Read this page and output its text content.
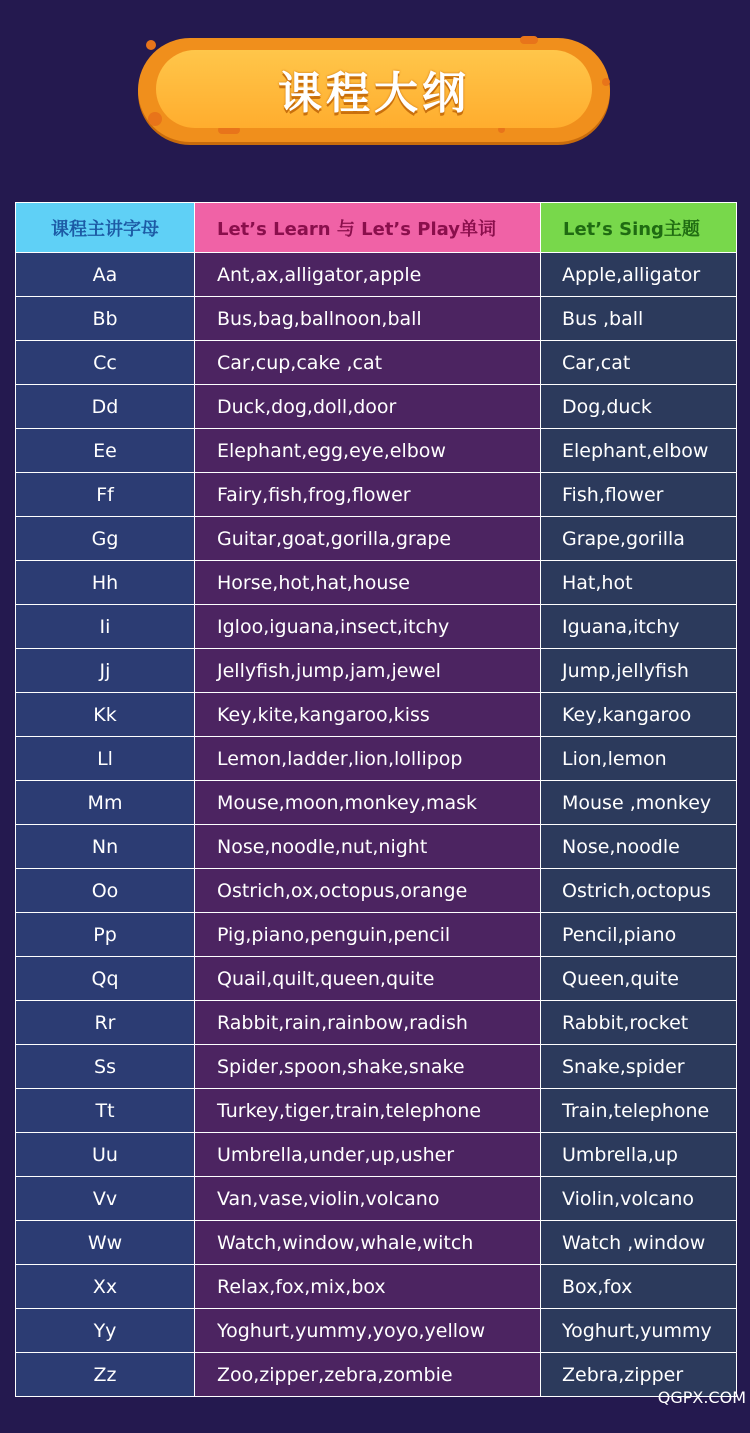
课程大纲
课程主讲字母	Let’s Learn 与 Let’s Play单词	Let’s Sing主题
Aa	Ant,ax,alligator,apple	Apple,alligator
Bb	Bus,bag,ballnoon,ball	Bus ,ball
Cc	Car,cup,cake ,cat	Car,cat
Dd	Duck,dog,doll,door	Dog,duck
Ee	Elephant,egg,eye,elbow	Elephant,elbow
Ff	Fairy,fish,frog,flower	Fish,flower
Gg	Guitar,goat,gorilla,grape	Grape,gorilla
Hh	Horse,hot,hat,house	Hat,hot
Ii	Igloo,iguana,insect,itchy	Iguana,itchy
Jj	Jellyfish,jump,jam,jewel	Jump,jellyfish
Kk	Key,kite,kangaroo,kiss	Key,kangaroo
Ll	Lemon,ladder,lion,lollipop	Lion,lemon
Mm	Mouse,moon,monkey,mask	Mouse ,monkey
Nn	Nose,noodle,nut,night	Nose,noodle
Oo	Ostrich,ox,octopus,orange	Ostrich,octopus
Pp	Pig,piano,penguin,pencil	Pencil,piano
Qq	Quail,quilt,queen,quite	Queen,quite
Rr	Rabbit,rain,rainbow,radish	Rabbit,rocket
Ss	Spider,spoon,shake,snake	Snake,spider
Tt	Turkey,tiger,train,telephone	Train,telephone
Uu	Umbrella,under,up,usher	Umbrella,up
Vv	Van,vase,violin,volcano	Violin,volcano
Ww	Watch,window,whale,witch	Watch ,window
Xx	Relax,fox,mix,box	Box,fox
Yy	Yoghurt,yummy,yoyo,yellow	Yoghurt,yummy
Zz	Zoo,zipper,zebra,zombie	Zebra,zipper
QGPX.COM
